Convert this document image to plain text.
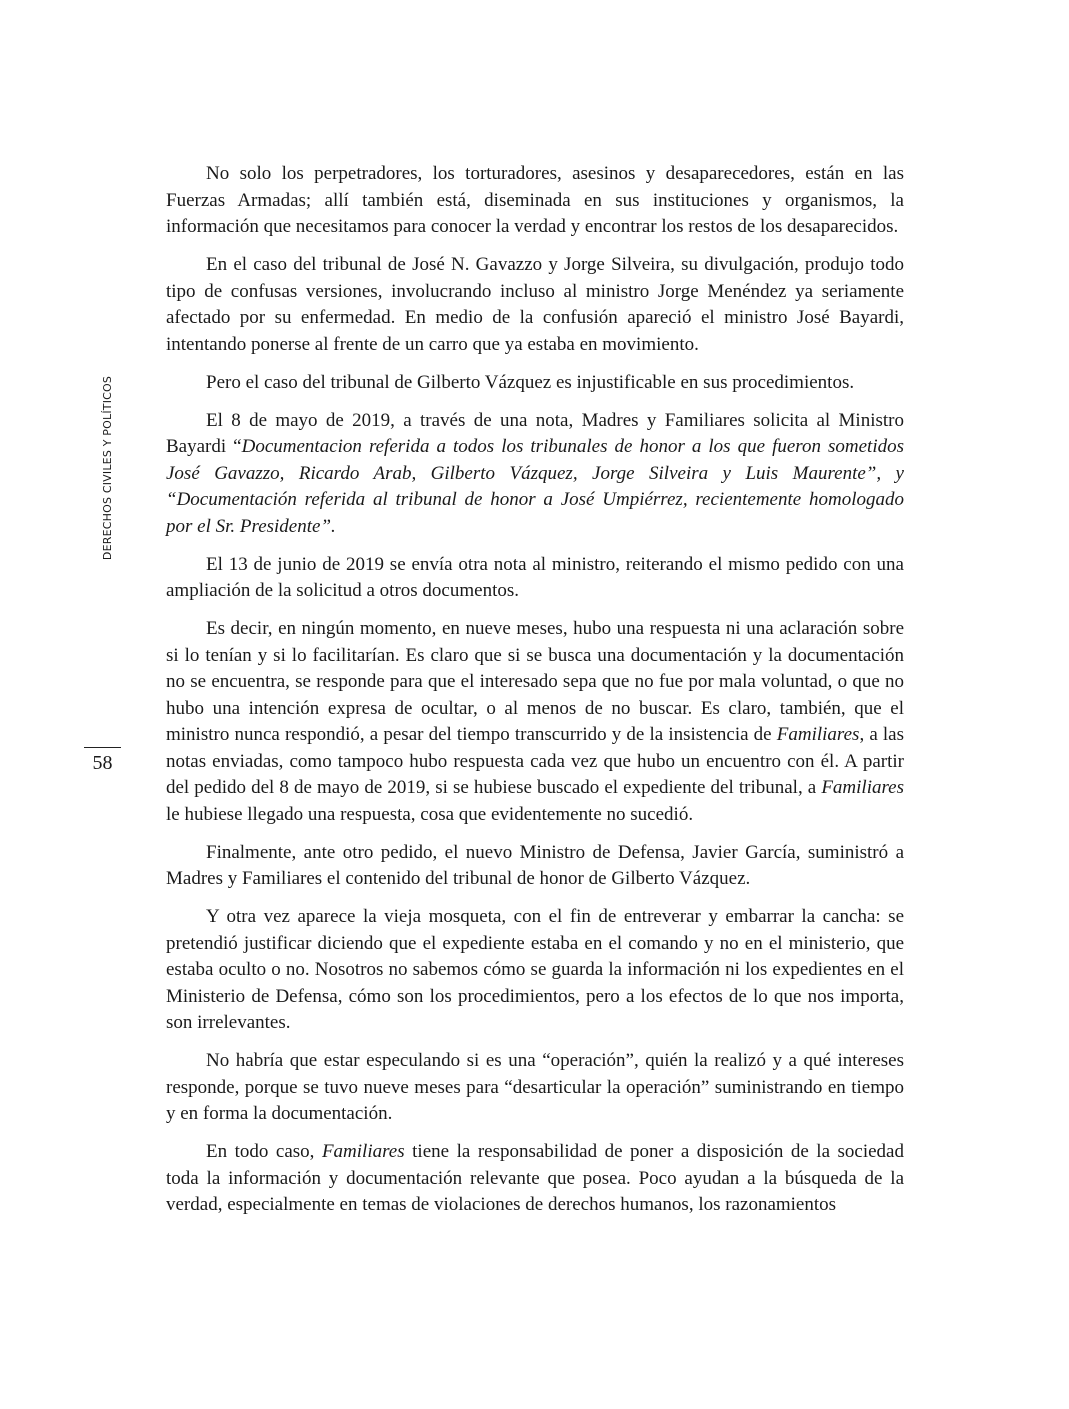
DERECHOS CIVILES Y POLÍTICOS
58

No solo los perpetradores, los torturadores, asesinos y desaparecedores, están en las Fuerzas Armadas; allí también está, diseminada en sus instituciones y organismos, la información que necesitamos para conocer la verdad y encontrar los restos de los desaparecidos.

En el caso del tribunal de José N. Gavazzo y Jorge Silveira, su divulgación, produjo todo tipo de confusas versiones, involucrando incluso al ministro Jorge Menéndez ya seriamente afectado por su enfermedad. En medio de la confusión apareció el ministro José Bayardi, intentando ponerse al frente de un carro que ya estaba en movimiento.

Pero el caso del tribunal de Gilberto Vázquez es injustificable en sus procedimientos.

El 8 de mayo de 2019, a través de una nota, Madres y Familiares solicita al Ministro Bayardi “Documentacion referida a todos los tribunales de honor a los que fueron sometidos José Gavazzo, Ricardo Arab, Gilberto Vázquez, Jorge Silveira y Luis Maurente”, y “Documentación referida al tribunal de honor a José Umpiérrez, recientemente homologado por el Sr. Presidente”.

El 13 de junio de 2019 se envía otra nota al ministro, reiterando el mismo pedido con una ampliación de la solicitud a otros documentos.

Es decir, en ningún momento, en nueve meses, hubo una respuesta ni una aclaración sobre si lo tenían y si lo facilitarían. Es claro que si se busca una documentación y la documentación no se encuentra, se responde para que el interesado sepa que no fue por mala voluntad, o que no hubo una intención expresa de ocultar, o al menos de no buscar. Es claro, también, que el ministro nunca respondió, a pesar del tiempo transcurrido y de la insistencia de Familiares, a las notas enviadas, como tampoco hubo respuesta cada vez que hubo un encuentro con él. A partir del pedido del 8 de mayo de 2019, si se hubiese buscado el expediente del tribunal, a Familiares le hubiese llegado una respuesta, cosa que evidentemente no sucedió.

Finalmente, ante otro pedido, el nuevo Ministro de Defensa, Javier García, suministró a Madres y Familiares el contenido del tribunal de honor de Gilberto Vázquez.

Y otra vez aparece la vieja mosqueta, con el fin de entreverar y embarrar la cancha: se pretendió justificar diciendo que el expediente estaba en el comando y no en el ministerio, que estaba oculto o no. Nosotros no sabemos cómo se guarda la información ni los expedientes en el Ministerio de Defensa, cómo son los procedimientos, pero a los efectos de lo que nos importa, son irrelevantes.

No habría que estar especulando si es una “operación”, quién la realizó y a qué intereses responde, porque se tuvo nueve meses para “desarticular la operación” suministrando en tiempo y en forma la documentación.

En todo caso, Familiares tiene la responsabilidad de poner a disposición de la sociedad toda la información y documentación relevante que posea. Poco ayudan a la búsqueda de la verdad, especialmente en temas de violaciones de derechos humanos, los razonamientos
